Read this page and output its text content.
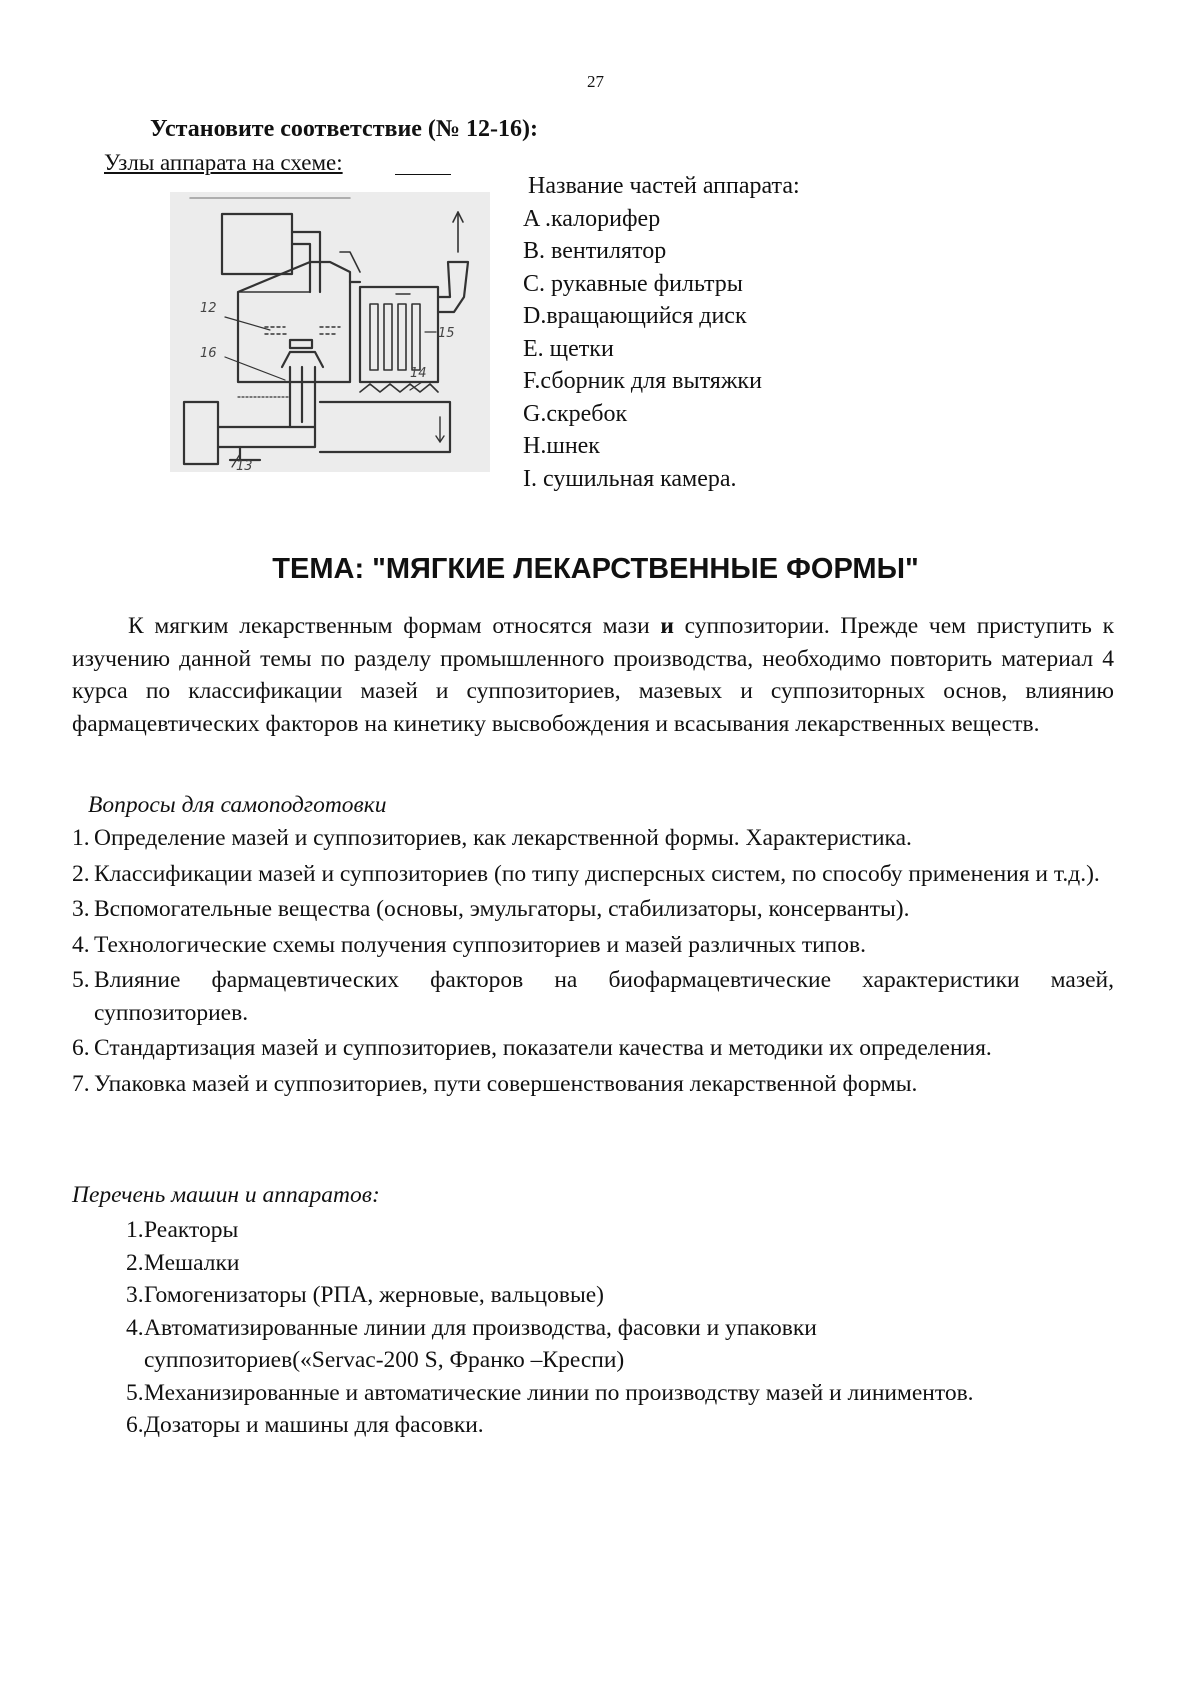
27
Установите соответствие (№ 12-16):
Узлы аппарата на схеме:
12
16
15
14
13
Название частей аппарата:
A .калорифер
B. вентилятор
C. рукавные фильтры
D.вращающийся диск
E. щетки
F.сборник для вытяжки
G.скребок
H.шнек
I. сушильная камера.
ТЕМА: "МЯГКИЕ ЛЕКАРСТВЕННЫЕ ФОРМЫ"
К мягким лекарственным формам относятся мази и суппозитории. Прежде чем приступить к изучению данной темы по разделу промышленного производства, необходимо повторить материал 4 курса по классификации мазей и суппозиториев, мазевых и суппозиторных основ, влиянию фармацевтических факторов на кинетику высвобождения и всасывания лекарственных веществ.
Вопросы для самоподготовки
1. Определение мазей и суппозиториев, как лекарственной формы. Характеристика.
2. Классификации мазей и суппозиториев (по типу дисперсных систем, по способу применения и т.д.).
3. Вспомогательные вещества (основы, эмульгаторы, стабилизаторы, консерванты).
4. Технологические схемы получения суппозиториев и мазей различных типов.
5. Влияние фармацевтических факторов на биофармацевтические характеристики мазей, суппозиториев.
6. Стандартизация мазей и суппозиториев, показатели качества и методики их определения.
7. Упаковка мазей и суппозиториев, пути совершенствования лекарственной формы.
Перечень машин и аппаратов:
1. Реакторы
2. Мешалки
3. Гомогенизаторы (РПА, жерновые, вальцовые)
4. Автоматизированные линии для производства, фасовки и упаковки суппозиториев(«Servac-200 S, Франко –Креспи)
5. Механизированные и автоматические линии по производству мазей и линиментов.
6. Дозаторы и машины для фасовки.
